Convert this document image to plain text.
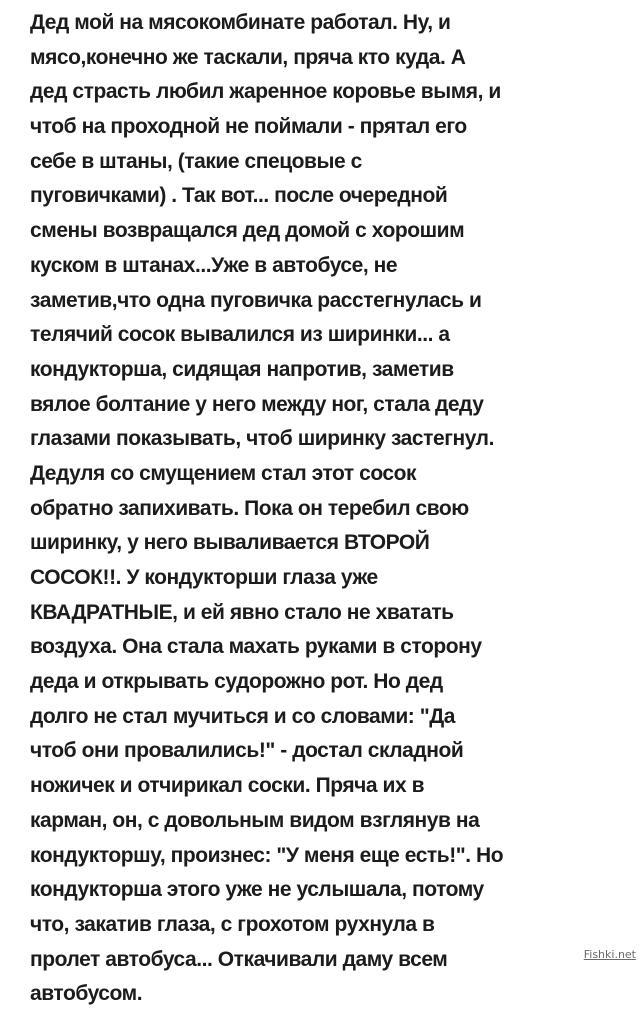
Дед мой на мясокомбинате работал. Ну, и
мясо,конечно же таскали, пряча кто куда. А
дед страсть любил жаренное коровье вымя, и
чтоб на проходной не поймали - прятал его
себе в штаны, (такие спецовые с
пуговичками) . Так вот... после очередной
смены возвращался дед домой с хорошим
куском в штанах...Уже в автобусе, не
заметив,что одна пуговичка расстегнулась и
телячий сосок вывалился из ширинки... а
кондукторша, сидящая напротив, заметив
вялое болтание у него между ног, стала деду
глазами показывать, чтоб ширинку застегнул.
Дедуля со смущением стал этот сосок
обратно запихивать. Пока он теребил свою
ширинку, у него вываливается ВТОРОЙ
СОСОК!!. У кондукторши глаза уже
КВАДРАТНЫЕ, и ей явно стало не хватать
воздуха. Она стала махать руками в сторону
деда и открывать судорожно рот. Но дед
долго не стал мучиться и со словами: "Да
чтоб они провалились!" - достал складной
ножичек и отчирикал соски. Пряча их в
карман, он, с довольным видом взглянув на
кондукторшу, произнес: "У меня еще есть!". Но
кондукторша этого уже не услышала, потому
что, закатив глаза, с грохотом рухнула в
пролет автобуса... Откачивали даму всем
автобусом.
Fishki.net
